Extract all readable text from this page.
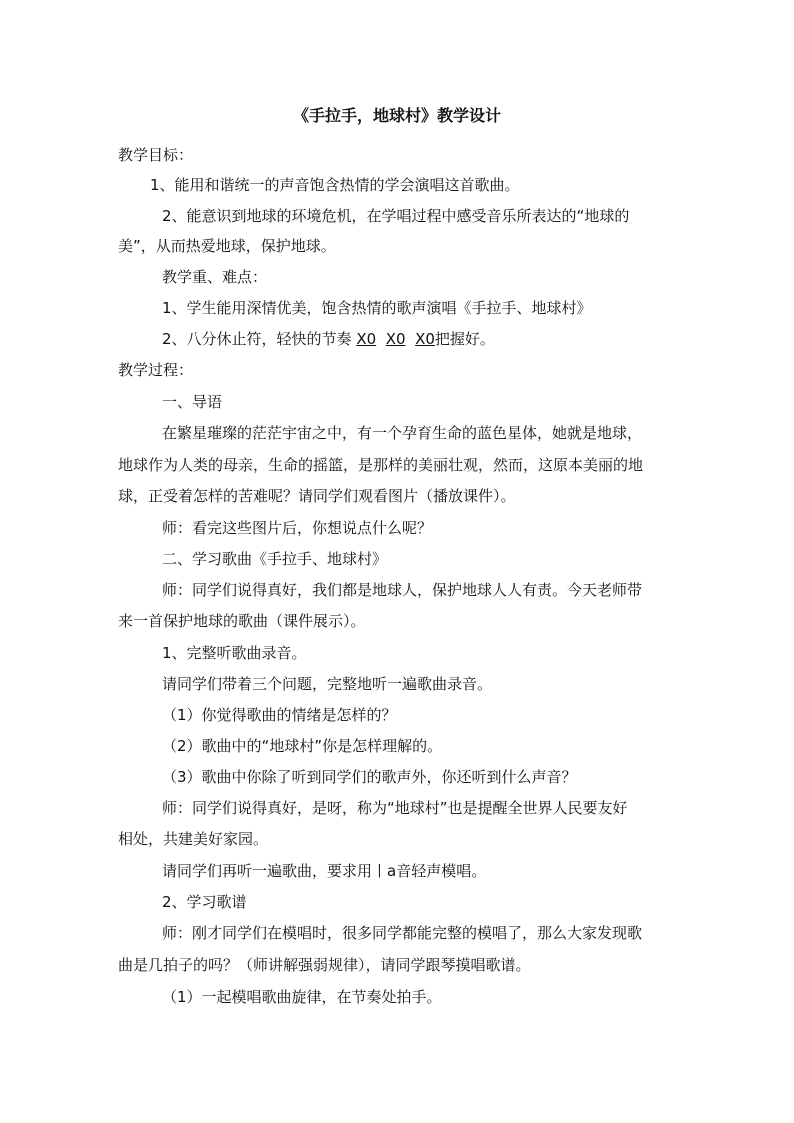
《手拉手，地球村》教学设计
教学目标：
1、能用和谐统一的声音饱含热情的学会演唱这首歌曲。
2、能意识到地球的环境危机，在学唱过程中感受音乐所表达的“地球的
美”，从而热爱地球，保护地球。
教学重、难点：
1、学生能用深情优美，饱含热情的歌声演唱《手拉手、地球村》
2、八分休止符，轻快的节奏 X0 X0 X0把握好。
教学过程：
一、导语
在繁星璀璨的茫茫宇宙之中，有一个孕育生命的蓝色星体，她就是地球，
地球作为人类的母亲，生命的摇篮，是那样的美丽壮观，然而，这原本美丽的地
球，正受着怎样的苦难呢？请同学们观看图片（播放课件）。
师：看完这些图片后，你想说点什么呢？
二、学习歌曲《手拉手、地球村》
师：同学们说得真好，我们都是地球人，保护地球人人有责。今天老师带
来一首保护地球的歌曲（课件展示）。
1、完整听歌曲录音。
请同学们带着三个问题，完整地听一遍歌曲录音。
（1）你觉得歌曲的情绪是怎样的？
（2）歌曲中的“地球村”你是怎样理解的。
（3）歌曲中你除了听到同学们的歌声外，你还听到什么声音？
师：同学们说得真好，是呀，称为“地球村”也是提醒全世界人民要友好
相处，共建美好家园。
请同学们再听一遍歌曲，要求用丨a音轻声模唱。
2、学习歌谱
师：刚才同学们在模唱时，很多同学都能完整的模唱了，那么大家发现歌
曲是几拍子的吗？（师讲解强弱规律），请同学跟琴摸唱歌谱。
（1）一起模唱歌曲旋律，在节奏处拍手。
